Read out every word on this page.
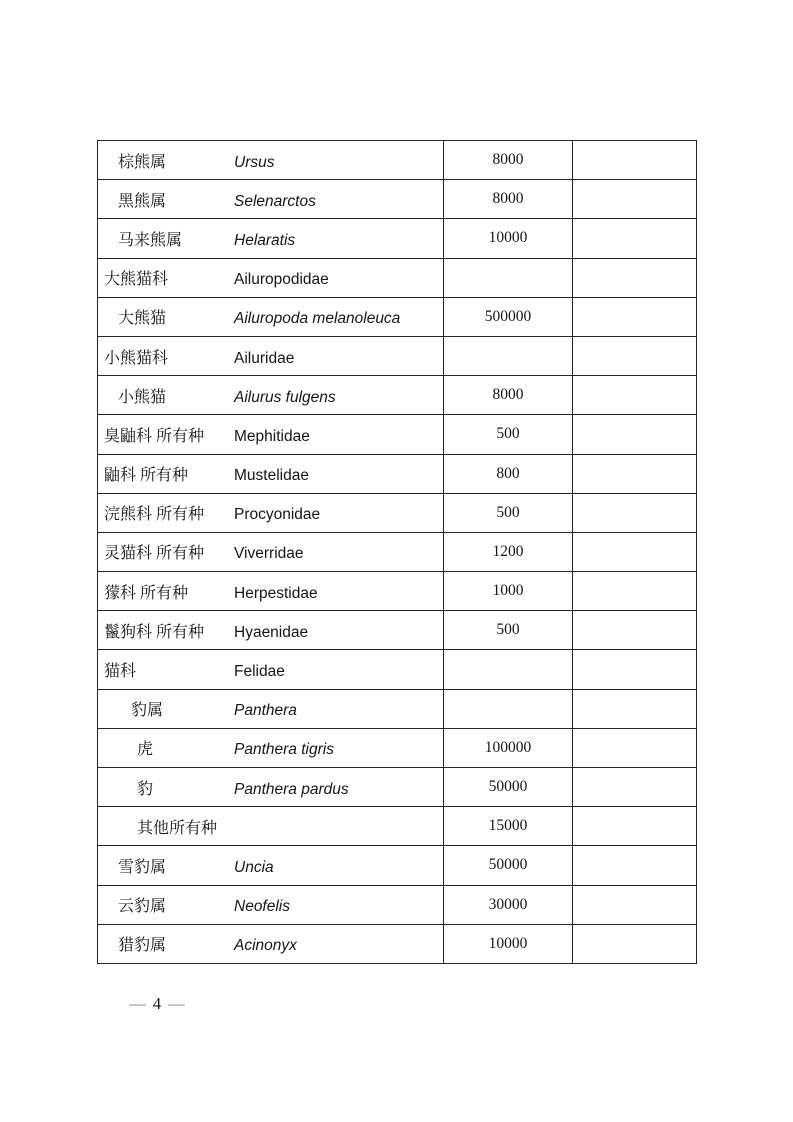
棕熊属 Ursus	8000	
黑熊属 Selenarctos	8000	
马来熊属 Helaratis	10000	
大熊猫科 Ailuropodidae		
大熊猫 Ailuropoda melanoleuca	500000	
小熊猫科 Ailuridae		
小熊猫 Ailurus fulgens	8000	
臭鼬科 所有种 Mephitidae	500	
鼬科 所有种 Mustelidae	800	
浣熊科 所有种 Procyonidae	500	
灵猫科 所有种 Viverridae	1200	
獴科 所有种 Herpestidae	1000	
鬣狗科 所有种 Hyaenidae	500	
猫科 Felidae		
豹属 Panthera		
虎 Panthera tigris	100000	
豹 Panthera pardus	50000	
其他所有种	15000	
雪豹属 Uncia	50000	
云豹属 Neofelis	30000	
猎豹属 Acinonyx	10000	
— 4 —
